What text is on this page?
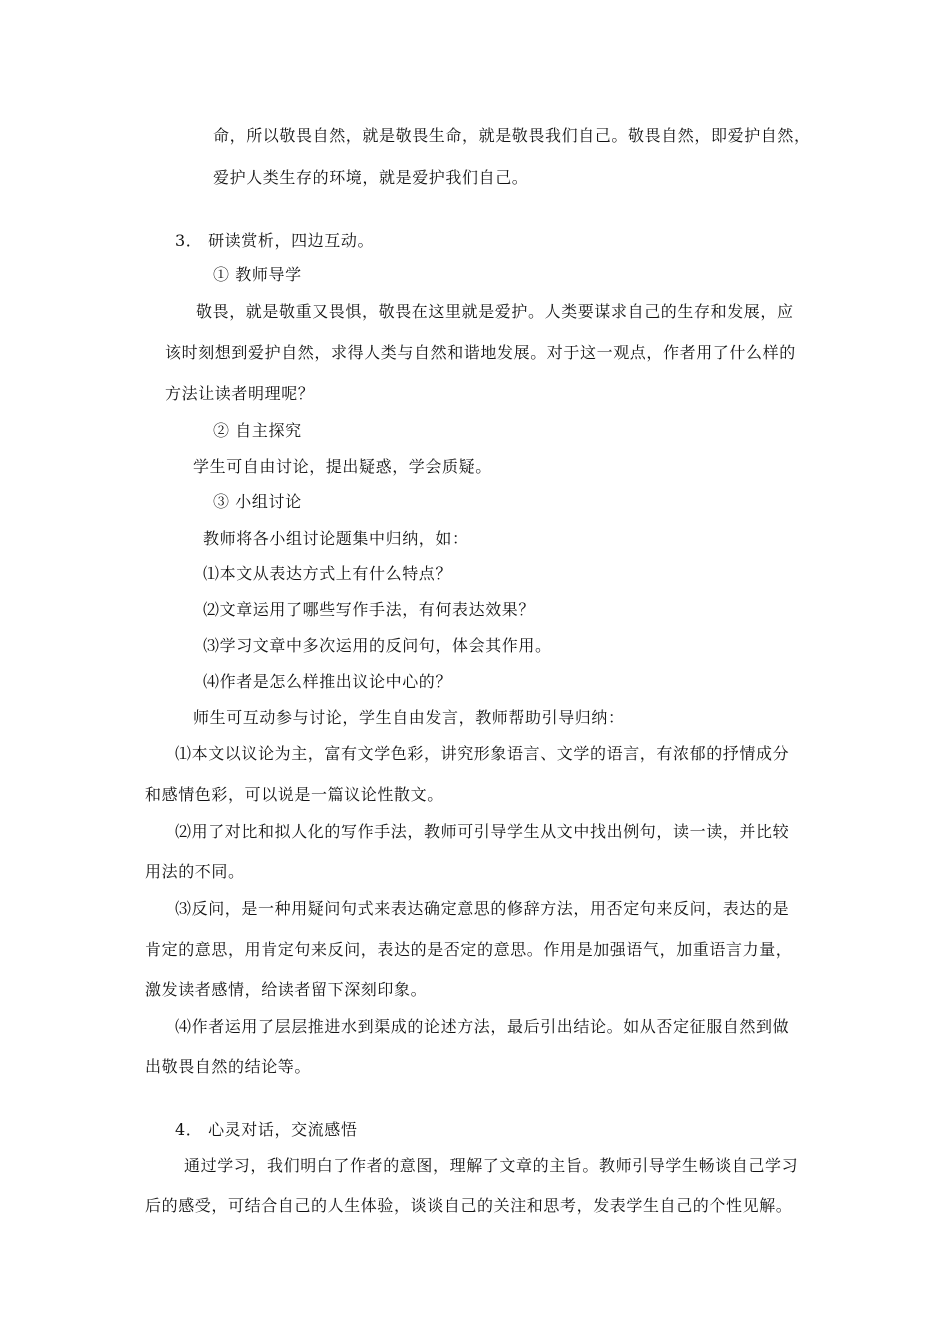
命，所以敬畏自然，就是敬畏生命，就是敬畏我们自己。敬畏自然，即爱护自然，
爱护人类生存的环境，就是爱护我们自己。
3． 研读赏析，四边互动。
① 教师导学
敬畏，就是敬重又畏惧，敬畏在这里就是爱护。人类要谋求自己的生存和发展，应
该时刻想到爱护自然，求得人类与自然和谐地发展。对于这一观点，作者用了什么样的
方法让读者明理呢？
② 自主探究
学生可自由讨论，提出疑惑，学会质疑。
③ 小组讨论
教师将各小组讨论题集中归纳，如：
⑴本文从表达方式上有什么特点？
⑵文章运用了哪些写作手法，有何表达效果？
⑶学习文章中多次运用的反问句，体会其作用。
⑷作者是怎么样推出议论中心的？
师生可互动参与讨论，学生自由发言，教师帮助引导归纳：
⑴本文以议论为主，富有文学色彩，讲究形象语言、文学的语言，有浓郁的抒情成分
和感情色彩，可以说是一篇议论性散文。
⑵用了对比和拟人化的写作手法，教师可引导学生从文中找出例句，读一读，并比较
用法的不同。
⑶反问，是一种用疑问句式来表达确定意思的修辞方法，用否定句来反问，表达的是
肯定的意思，用肯定句来反问，表达的是否定的意思。作用是加强语气，加重语言力量，
激发读者感情，给读者留下深刻印象。
⑷作者运用了层层推进水到渠成的论述方法，最后引出结论。如从否定征服自然到做
出敬畏自然的结论等。
4． 心灵对话，交流感悟
通过学习，我们明白了作者的意图，理解了文章的主旨。教师引导学生畅谈自己学习
后的感受，可结合自己的人生体验，谈谈自己的关注和思考，发表学生自己的个性见解。
